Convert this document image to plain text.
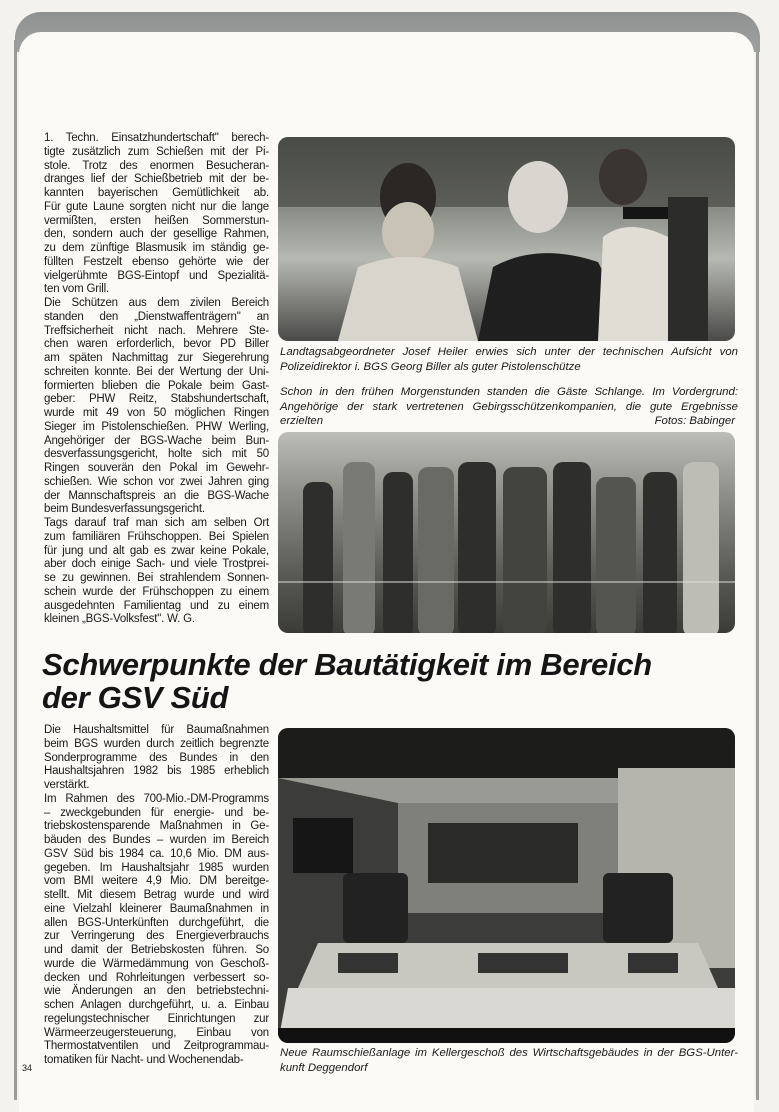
1. Techn. Einsatzhundertschaft" berech-
tigte zusätzlich zum Schießen mit der Pi-
stole. Trotz des enormen Besucheran-
dranges lief der Schießbetrieb mit der be-
kannten bayerischen Gemütlichkeit ab.
Für gute Laune sorgten nicht nur die lange
vermißten, ersten heißen Sommerstun-
den, sondern auch der gesellige Rahmen,
zu dem zünftige Blasmusik im ständig ge-
füllten Festzelt ebenso gehörte wie der
vielgerühmte BGS-Eintopf und Spezialitä-
ten vom Grill.
Die Schützen aus dem zivilen Bereich
standen den „Dienstwaffenträgern" an
Treffsicherheit nicht nach. Mehrere Ste-
chen waren erforderlich, bevor PD Biller
am späten Nachmittag zur Siegerehrung
schreiten konnte. Bei der Wertung der Uni-
formierten blieben die Pokale beim Gast-
geber: PHW Reitz, Stabshundertschaft,
wurde mit 49 von 50 möglichen Ringen
Sieger im Pistolenschießen. PHW Werling,
Angehöriger der BGS-Wache beim Bun-
desverfassungsgericht, holte sich mit 50
Ringen souverän den Pokal im Gewehr-
schießen. Wie schon vor zwei Jahren ging
der Mannschaftspreis an die BGS-Wache
beim Bundesverfassungsgericht.
Tags darauf traf man sich am selben Ort
zum familiären Frühschoppen. Bei Spielen
für jung und alt gab es zwar keine Pokale,
aber doch einige Sach- und viele Trostprei-
se zu gewinnen. Bei strahlendem Sonnen-
schein wurde der Frühschoppen zu einem
ausgedehnten Familientag und zu einem
kleinen „BGS-Volksfest". W. G.
Landtagsabgeordneter Josef Heiler erwies sich unter der technischen Aufsicht von
Polizeidirektor i. BGS Georg Biller als guter Pistolenschütze
Schon in den frühen Morgenstunden standen die Gäste Schlange. Im Vordergrund:
Angehörige der stark vertretenen Gebirgsschützenkompanien, die gute Ergebnisse
erzielten	Fotos: Babinger
Schwerpunkte der Bautätigkeit im Bereich
der GSV Süd
Die Haushaltsmittel für Baumaßnahmen
beim BGS wurden durch zeitlich begrenzte
Sonderprogramme des Bundes in den
Haushaltsjahren 1982 bis 1985 erheblich
verstärkt.
Im Rahmen des 700-Mio.-DM-Programms
– zweckgebunden für energie- und be-
triebskostensparende Maßnahmen in Ge-
bäuden des Bundes – wurden im Bereich
GSV Süd bis 1984 ca. 10,6 Mio. DM aus-
gegeben. Im Haushaltsjahr 1985 wurden
vom BMI weitere 4,9 Mio. DM bereitge-
stellt. Mit diesem Betrag wurde und wird
eine Vielzahl kleinerer Baumaßnahmen in
allen BGS-Unterkünften durchgeführt, die
zur Verringerung des Energieverbrauchs
und damit der Betriebskosten führen. So
wurde die Wärmedämmung von Geschoß-
decken und Rohrleitungen verbessert so-
wie Änderungen an den betriebstechni-
schen Anlagen durchgeführt, u. a. Einbau
regelungstechnischer Einrichtungen zur
Wärmeerzeugersteuerung, Einbau von
Thermostatventilen und Zeitprogrammau-
tomatiken für Nacht- und Wochenendab-
Neue Raumschießanlage im Kellergeschoß des Wirtschaftsgebäudes in der BGS-Unter-
kunft Deggendorf
34
